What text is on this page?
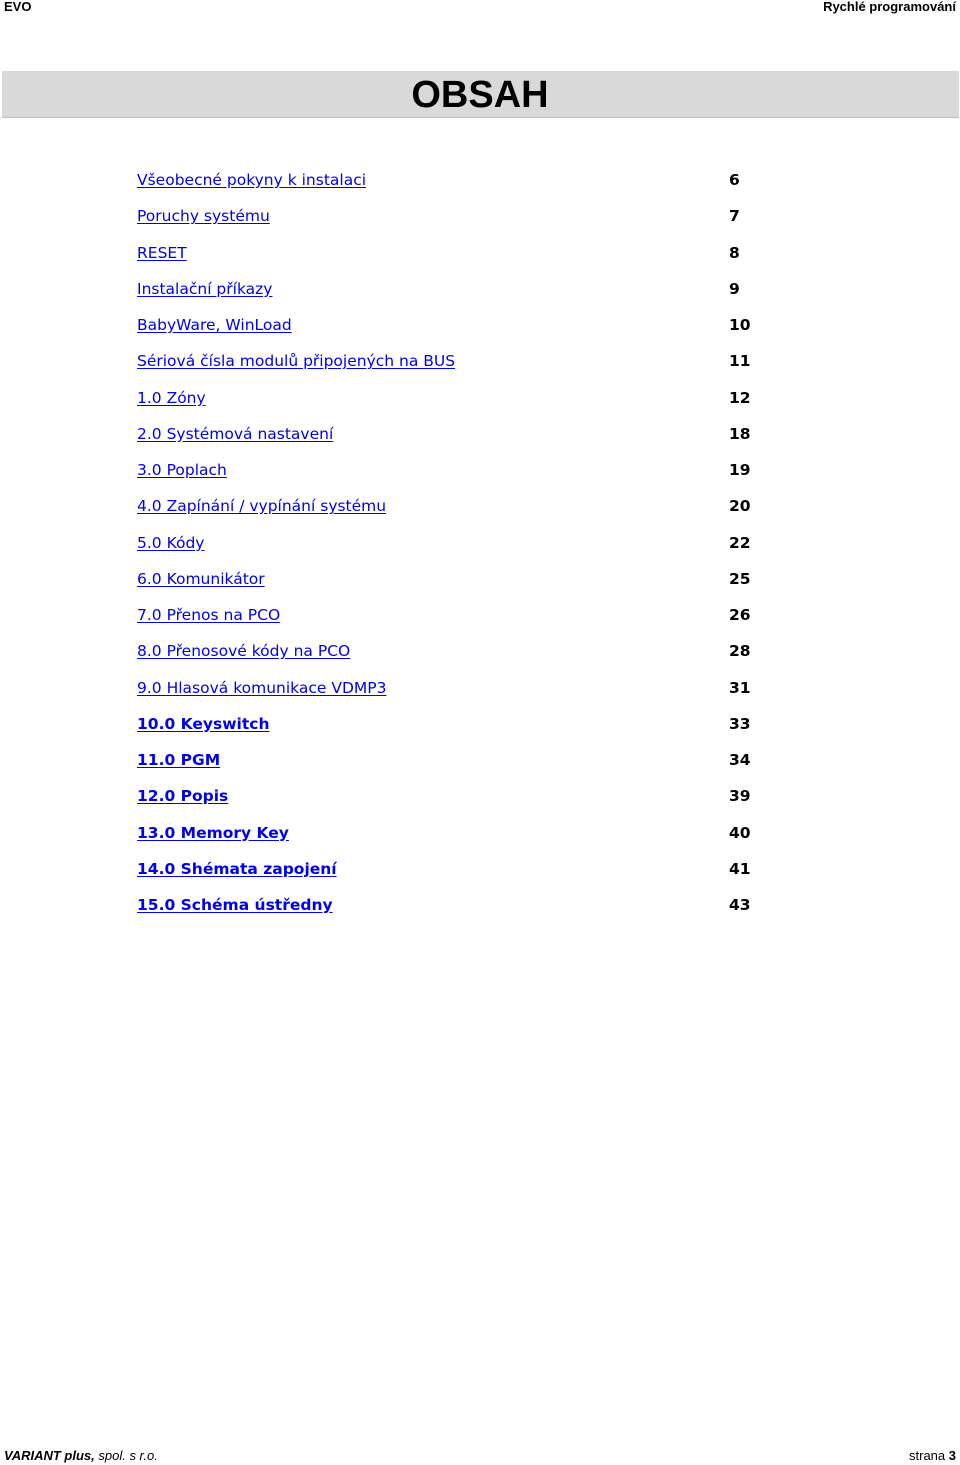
EVO	Rychlé programování
OBSAH
Všeobecné pokyny k instalaci	6
Poruchy systému	7
RESET	8
Instalační příkazy	9
BabyWare, WinLoad	10
Sériová čísla modulů připojených na BUS	11
1.0 Zóny	12
2.0 Systémová nastavení	18
3.0 Poplach	19
4.0 Zapínání / vypínání systému	20
5.0 Kódy	22
6.0 Komunikátor	25
7.0 Přenos na PCO	26
8.0 Přenosové kódy na PCO	28
9.0 Hlasová komunikace VDMP3	31
10.0 Keyswitch	33
11.0 PGM	34
12.0 Popis	39
13.0 Memory Key	40
14.0 Shémata zapojení	41
15.0 Schéma ústředny	43
VARIANT plus, spol. s r.o.	strana 3
